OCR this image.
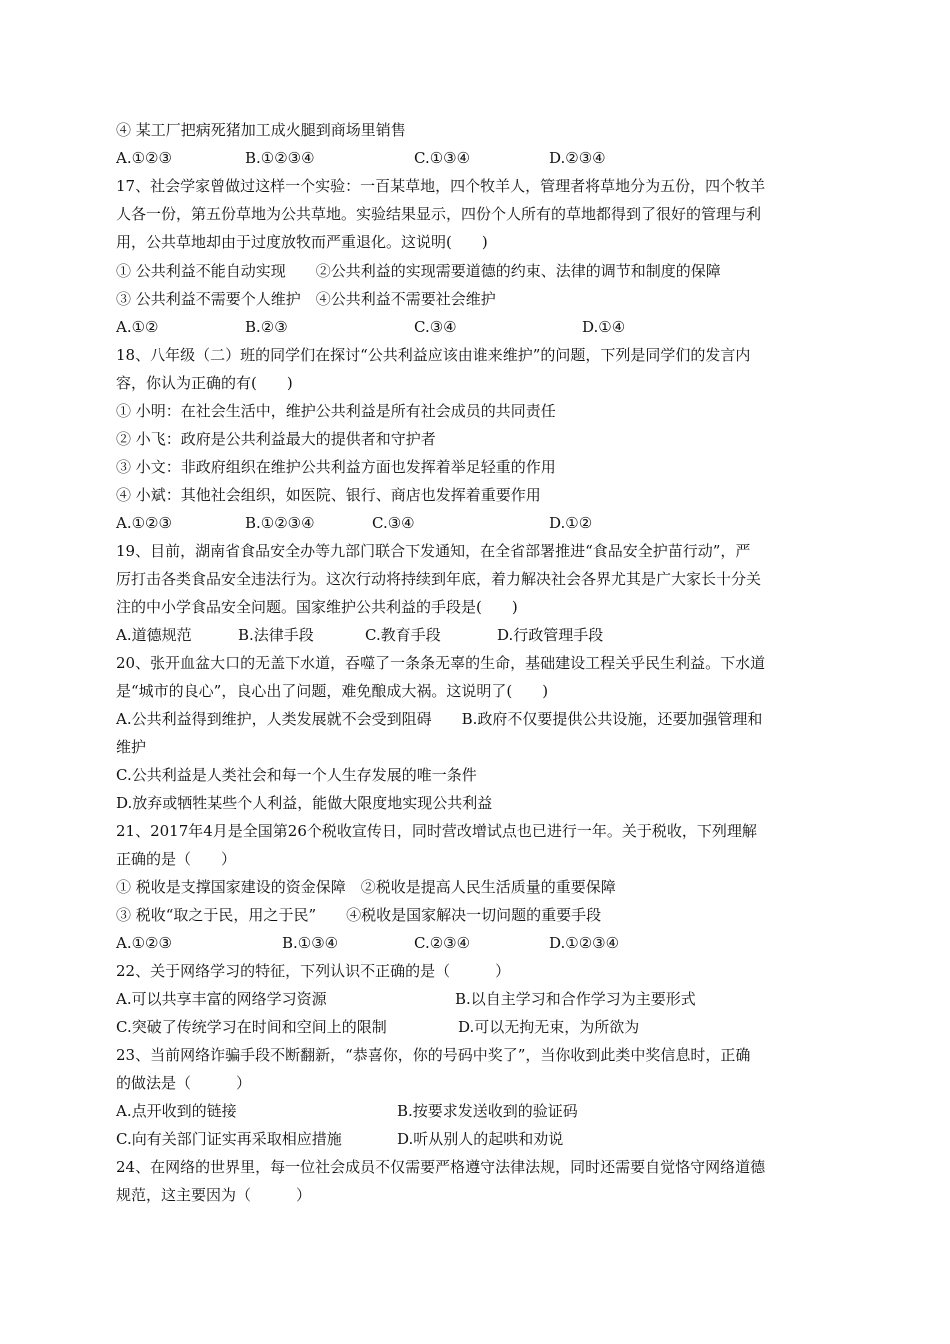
④ 某工厂把病死猪加工成火腿到商场里销售
A.①②③	B.①②③④	C.①③④	D.②③④
17、社会学家曾做过这样一个实验：一百某草地，四个牧羊人，管理者将草地分为五份，四个牧羊
人各一份，第五份草地为公共草地。实验结果显示，四份个人所有的草地都得到了很好的管理与利
用，公共草地却由于过度放牧而严重退化。这说明(　　)
① 公共利益不能自动实现　　②公共利益的实现需要道德的约束、法律的调节和制度的保障
③ 公共利益不需要个人维护　④公共利益不需要社会维护
A.①②	B.②③	C.③④	D.①④
18、八年级（二）班的同学们在探讨“公共利益应该由谁来维护”的问题，下列是同学们的发言内
容，你认为正确的有(　　)
① 小明：在社会生活中，维护公共利益是所有社会成员的共同责任
② 小飞：政府是公共利益最大的提供者和守护者
③ 小文：非政府组织在维护公共利益方面也发挥着举足轻重的作用
④ 小斌：其他社会组织，如医院、银行、商店也发挥着重要作用
A.①②③	B.①②③④	C.③④	D.①②
19、目前，湖南省食品安全办等九部门联合下发通知，在全省部署推进“食品安全护苗行动”，严
厉打击各类食品安全违法行为。这次行动将持续到年底，着力解决社会各界尤其是广大家长十分关
注的中小学食品安全问题。国家维护公共利益的手段是(　　)
A.道德规范	B.法律手段	C.教育手段	D.行政管理手段
20、张开血盆大口的无盖下水道，吞噬了一条条无辜的生命，基础建设工程关乎民生利益。下水道
是“城市的良心”，良心出了问题，难免酿成大祸。这说明了(　　)
A.公共利益得到维护，人类发展就不会受到阻碍　　B.政府不仅要提供公共设施，还要加强管理和
维护
C.公共利益是人类社会和每一个人生存发展的唯一条件
D.放弃或牺牲某些个人利益，能做大限度地实现公共利益
21、2017年4月是全国第26个税收宣传日，同时营改增试点也已进行一年。关于税收，下列理解
正确的是（　　）
① 税收是支撑国家建设的资金保障　②税收是提高人民生活质量的重要保障
③ 税收“取之于民，用之于民”　　④税收是国家解决一切问题的重要手段
A.①②③	B.①③④	C.②③④	D.①②③④
22、关于网络学习的特征，下列认识不正确的是（　　　）
A.可以共享丰富的网络学习资源	B.以自主学习和合作学习为主要形式
C.突破了传统学习在时间和空间上的限制	D.可以无拘无束，为所欲为
23、当前网络诈骗手段不断翻新，“恭喜你，你的号码中奖了”，当你收到此类中奖信息时，正确
的做法是（　　　）
A.点开收到的链接	B.按要求发送收到的验证码
C.向有关部门证实再采取相应措施	D.听从别人的起哄和劝说
24、在网络的世界里，每一位社会成员不仅需要严格遵守法律法规，同时还需要自觉恪守网络道德
规范，这主要因为（　　　）
